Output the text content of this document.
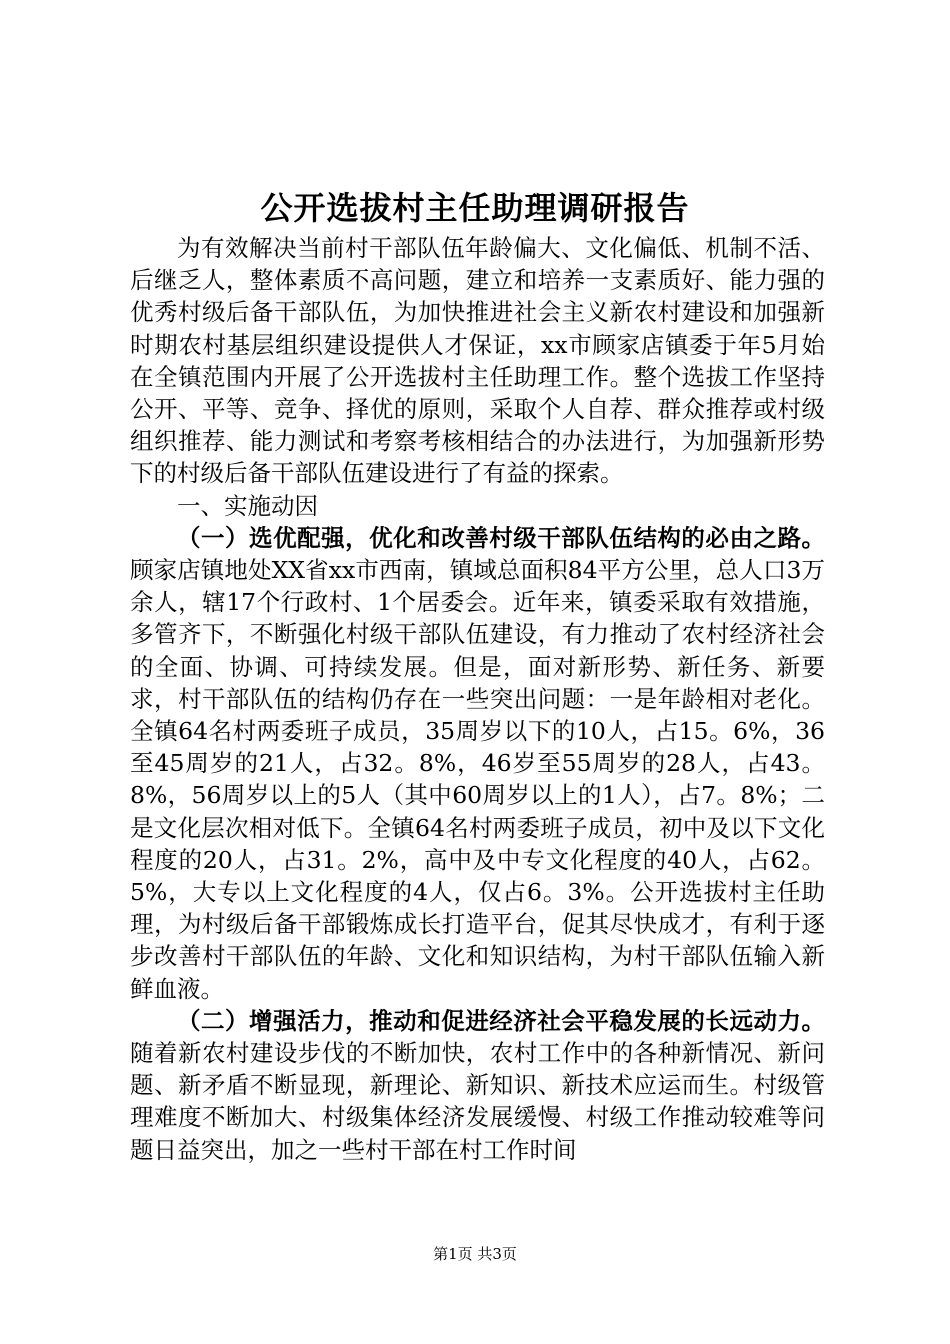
公开选拔村主任助理调研报告

为有效解决当前村干部队伍年龄偏大、文化偏低、机制不活、后继乏人，整体素质不高问题，建立和培养一支素质好、能力强的优秀村级后备干部队伍，为加快推进社会主义新农村建设和加强新时期农村基层组织建设提供人才保证，xx市顾家店镇委于年5月始在全镇范围内开展了公开选拔村主任助理工作。整个选拔工作坚持公开、平等、竞争、择优的原则，采取个人自荐、群众推荐或村级组织推荐、能力测试和考察考核相结合的办法进行，为加强新形势下的村级后备干部队伍建设进行了有益的探索。

一、实施动因

（一）选优配强，优化和改善村级干部队伍结构的必由之路。顾家店镇地处XX省xx市西南，镇域总面积84平方公里，总人口3万余人，辖17个行政村、1个居委会。近年来，镇委采取有效措施，多管齐下，不断强化村级干部队伍建设，有力推动了农村经济社会的全面、协调、可持续发展。但是，面对新形势、新任务、新要求，村干部队伍的结构仍存在一些突出问题：一是年龄相对老化。全镇64名村两委班子成员，35周岁以下的10人，占15。6%，36至45周岁的21人，占32。8%，46岁至55周岁的28人，占43。8%，56周岁以上的5人（其中60周岁以上的1人），占7。8%；二是文化层次相对低下。全镇64名村两委班子成员，初中及以下文化程度的20人，占31。2%，高中及中专文化程度的40人，占62。5%，大专以上文化程度的4人，仅占6。3%。公开选拔村主任助理，为村级后备干部锻炼成长打造平台，促其尽快成才，有利于逐步改善村干部队伍的年龄、文化和知识结构，为村干部队伍输入新鲜血液。

（二）增强活力，推动和促进经济社会平稳发展的长远动力。随着新农村建设步伐的不断加快，农村工作中的各种新情况、新问题、新矛盾不断显现，新理论、新知识、新技术应运而生。村级管理难度不断加大、村级集体经济发展缓慢、村级工作推动较难等问题日益突出，加之一些村干部在村工作时间

第1页 共3页
